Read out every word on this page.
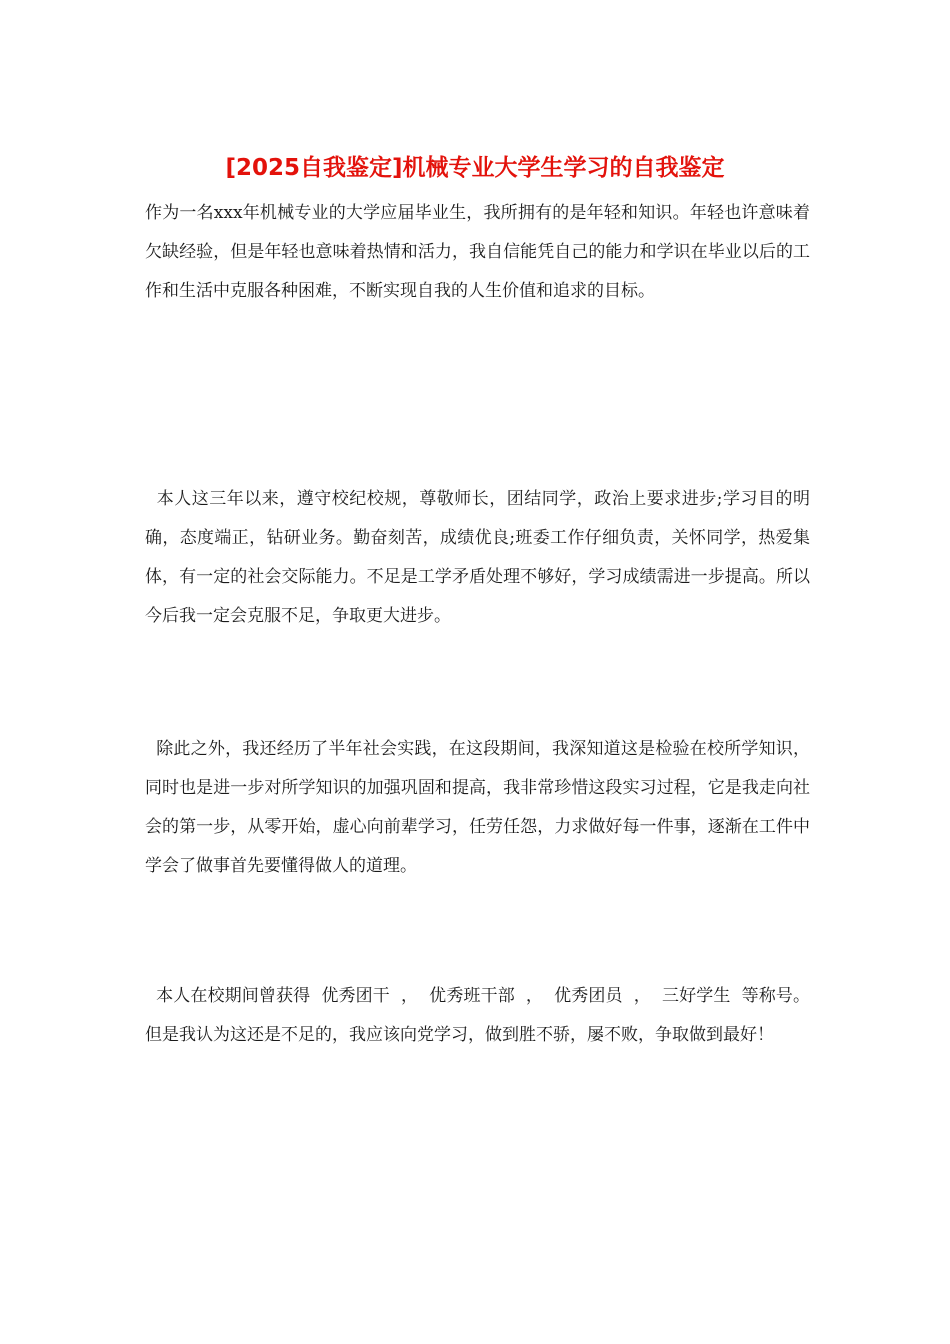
[2025自我鉴定]机械专业大学生学习的自我鉴定

作为一名xxx年机械专业的大学应届毕业生，我所拥有的是年轻和知识。年轻也许意味着欠缺经验，但是年轻也意味着热情和活力，我自信能凭自己的能力和学识在毕业以后的工作和生活中克服各种困难，不断实现自我的人生价值和追求的目标。

本人这三年以来，遵守校纪校规，尊敬师长，团结同学，政治上要求进步;学习目的明确，态度端正，钻研业务。勤奋刻苦，成绩优良;班委工作仔细负责，关怀同学，热爱集体，有一定的社会交际能力。不足是工学矛盾处理不够好，学习成绩需进一步提高。所以今后我一定会克服不足，争取更大进步。

除此之外，我还经历了半年社会实践，在这段期间，我深知道这是检验在校所学知识，同时也是进一步对所学知识的加强巩固和提高，我非常珍惜这段实习过程，它是我走向社会的第一步，从零开始，虚心向前辈学习，任劳任怨，力求做好每一件事，逐渐在工件中学会了做事首先要懂得做人的道理。

本人在校期间曾获得  优秀团干  ，  优秀班干部  ，  优秀团员  ，  三好学生  等称号。但是我认为这还是不足的，我应该向党学习，做到胜不骄，屡不败，争取做到最好！
